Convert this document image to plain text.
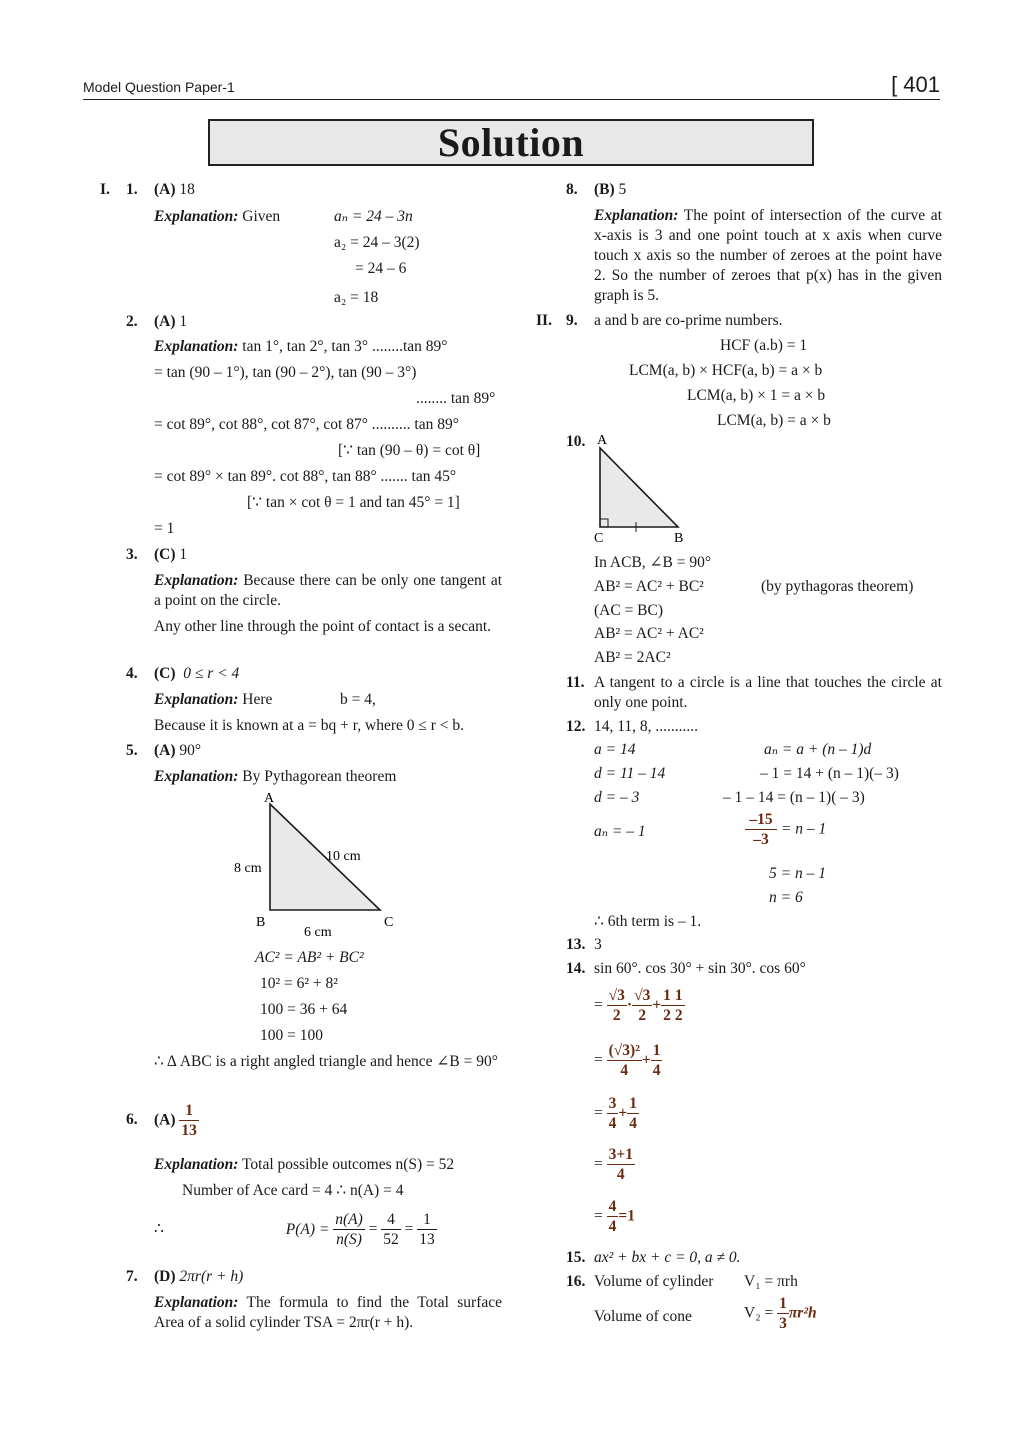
Model Question Paper-1	[ 401
Solution
I. 1. (A) 18
Explanation: Given	aₙ = 24 – 3n
a₂ = 24 – 3(2)
= 24 – 6
a₂ = 18
2. (A) 1
Explanation: tan 1°, tan 2°, tan 3° ........tan 89°
= tan (90 – 1°), tan (90 – 2°), tan (90 – 3°)
........ tan 89°
= cot 89°, cot 88°, cot 87°, cot 87° .......... tan 89°
[∵ tan (90 – θ) = cot θ]
= cot 89° × tan 89°. cot 88°, tan 88° ....... tan 45°
[∵ tan × cot θ = 1 and tan 45° = 1]
= 1
3. (C) 1
Explanation: Because there can be only one tangent at a point on the circle.
Any other line through the point of contact is a secant.
4. (C) 0 ≤ r < 4
Explanation: Here	b = 4,
Because it is known at a = bq + r, where 0 ≤ r < b.
5. (A) 90°
Explanation: By Pythagorean theorem
A
B	C
8 cm
6 cm
10 cm
AC² = AB² + BC²
10² = 6² + 8²
100 = 36 + 64
100 = 100
∴ Δ ABC is a right angled triangle and hence ∠B = 90°
6. $(A) \frac{1}{13}$
Explanation: Total possible outcomes n(S) = 52
Number of Ace card = 4 ∴ n(A) = 4
∴	$P(A) = \frac{n(A)}{n(S)} = \frac{4}{52} = \frac{1}{13}$
7. (D) 2πr(r + h)
Explanation: The formula to find the Total surface Area of a solid cylinder TSA = 2πr(r + h).
8. (B) 5
Explanation: The point of intersection of the curve at x-axis is 3 and one point touch at x axis when curve touch x axis so the number of zeroes at the point have 2. So the number of zeroes that p(x) has in the given graph is 5.
II. 9. a and b are co-prime numbers.
HCF (a.b) = 1
LCM(a, b) × HCF(a, b) = a × b
LCM(a, b) × 1 = a × b
LCM(a, b) = a × b
10. A
C	B
In ACB, ∠B = 90°
AB² = AC² + BC²	(by pythagoras theorem)
(AC = BC)
AB² = AC² + AC²
AB² = 2AC²
11. A tangent to a circle is a line that touches the circle at only one point.
12. 14, 11, 8, ...........
a = 14
d = 11 – 14
d = – 3
aₙ = – 1
aₙ = a + (n – 1)d
– 1 = 14 + (n – 1)(– 3)
– 1 – 14 = (n – 1)( – 3)
$\frac{-15}{-3} = n - 1$
5 = n – 1
n = 6
∴ 6th term is – 1.
13. 3
14. sin 60°. cos 30° + sin 30°. cos 60°
= $\frac{√3}{2} \cdot \frac{√3}{2} + \frac{1}{2} \frac{1}{2}$
= $\frac{\text{(√3)²}}{4} + \frac{1}{4}$
= $\frac{3}{4} + \frac{1}{4}$
= $\frac{3+1}{4}$
= $\frac{4}{4} =1$
15. ax² + bx + c = 0, a ≠ 0.
16. Volume of cylinder V₁ = πrh
Volume of cone	$V_2 = \frac{1}{3} \pi r^2h$
